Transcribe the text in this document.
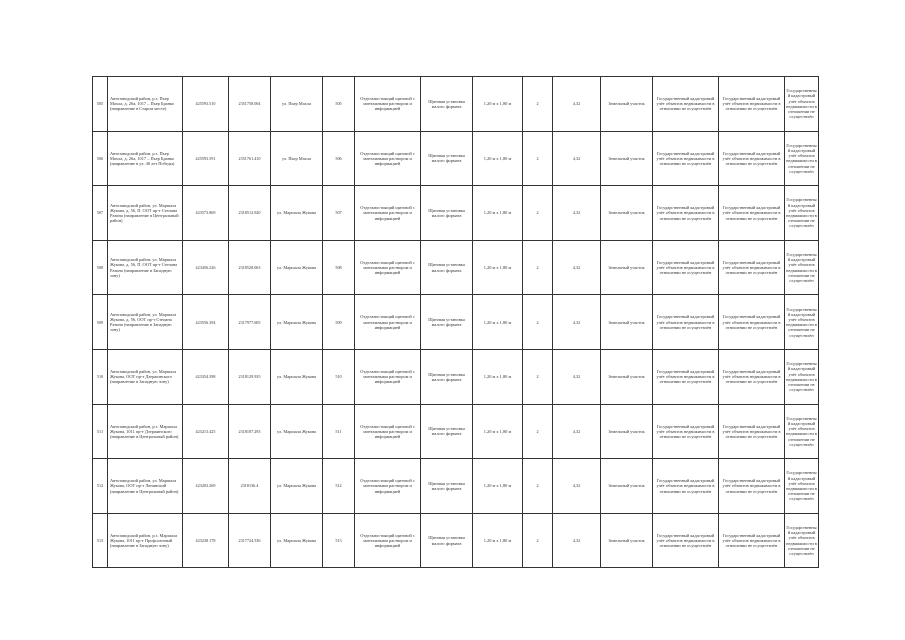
505	Автозаводский район, р.з. Пьер Махла, д. 26а, 1017 – Пьер Бранко (направление в Старом месте)	425593.510	2351758.004	ул. Пьер Махла	505	Отдельностоящий щитовой с монтажными раствором и информацией	Щитовая установка малого формата	1,20 м х 1,80 м	2	4,32	Земельный участок	Государственный кадастровый учёт объектов недвижимости в отношении не осуществлён	Государственный кадастровый учёт объектов недвижимости в отношении не осуществлён	Государственный кадастровый учёт объектов недвижимости в отношении не осуществлён
506	Автозаводский район, р.з. Пьер Махла, д. 26а, 1017 – Пьер Бранко (направление в ул. 40 лет Победы)	425593.591	2351761.410	ул. Пьер Махла	506	Отдельностоящий щитовой с монтажными раствором и информацией	Щитовая установка малого формата	1,20 м х 1,80 м	2	4,32	Земельный участок	Государственный кадастровый учёт объектов недвижимости в отношении не осуществлён	Государственный кадастровый учёт объектов недвижимости в отношении не осуществлён	Государственный кадастровый учёт объектов недвижимости в отношении не осуществлён
507	Автозаводский район, ул. Маршала Жукова, д. 56, П. ООТ пр-т Степана Разина (направление в Центральный район)	423573.869	2318512.920	ул. Маршала Жукова	507	Отдельностоящий щитовой с монтажными раствором и информацией	Щитовая установка малого формата	1,20 м х 1,80 м	2	4,32	Земельный участок	Государственный кадастровый учёт объектов недвижимости в отношении не осуществлён	Государственный кадастровый учёт объектов недвижимости в отношении не осуществлён	Государственный кадастровый учёт объектов недвижимости в отношении не осуществлён
508	Автозаводский район, ул. Маршала Жукова, д. 56, П. ООТ пр-т Степана Разина (направление в Западную зону)	423456.226	2318528.063	ул. Маршала Жукова	508	Отдельностоящий щитовой с монтажными раствором и информацией	Щитовая установка малого формата	1,20 м х 1,80 м	2	4,32	Земельный участок	Государственный кадастровый учёт объектов недвижимости в отношении не осуществлён	Государственный кадастровый учёт объектов недвижимости в отношении не осуществлён	Государственный кадастровый учёт объектов недвижимости в отношении не осуществлён
509	Автозаводский район, ул. Маршала Жукова, д. 56, ООТ пр-т Степана Разина (направление в Западную зону)	423556.394	2317977.605	ул. Маршала Жукова	509	Отдельностоящий щитовой с монтажными раствором и информацией	Щитовая установка малого формата	1,20 м х 1,80 м	2	4,32	Земельный участок	Государственный кадастровый учёт объектов недвижимости в отношении не осуществлён	Государственный кадастровый учёт объектов недвижимости в отношении не осуществлён	Государственный кадастровый учёт объектов недвижимости в отношении не осуществлён
510	Автозаводский район, ул. Маршала Жукова, ООТ пр-т Дзержинского (направление в Западную зону)	423354.398	2318129.935	ул. Маршала Жукова	510	Отдельностоящий щитовой с монтажными раствором и информацией	Щитовая установка малого формата	1,20 м х 1,80 м	2	4,32	Земельный участок	Государственный кадастровый учёт объектов недвижимости в отношении не осуществлён	Государственный кадастровый учёт объектов недвижимости в отношении не осуществлён	Государственный кадастровый учёт объектов недвижимости в отношении не осуществлён
511	Автозаводский район, р.з. Маршала Жукова, 1011 пр-т Дзержинского (направление в Центральный район)	423213.425	2318187.293	ул. Маршала Жукова	511	Отдельностоящий щитовой с монтажными раствором и информацией	Щитовая установка малого формата	1,20 м х 1,80 м	2	4,32	Земельный участок	Государственный кадастровый учёт объектов недвижимости в отношении не осуществлён	Государственный кадастровый учёт объектов недвижимости в отношении не осуществлён	Государственный кадастровый учёт объектов недвижимости в отношении не осуществлён
512	Автозаводский район, ул. Маршала Жукова, ООТ пр-т Ленинский (направление в Центральный район)	423203.269	2318136.4	ул. Маршала Жукова	512	Отдельностоящий щитовой с монтажными раствором и информацией	Щитовая установка малого формата	1,20 м х 1,80 м	2	4,32	Земельный участок	Государственный кадастровый учёт объектов недвижимости в отношении не осуществлён	Государственный кадастровый учёт объектов недвижимости в отношении не осуществлён	Государственный кадастровый учёт объектов недвижимости в отношении не осуществлён
513	Автозаводский район, р.з. Маршала Жукова, 1011 пр-т Профсоюзный (направление в Западную зону)	423238.178	2317724.536	ул. Маршала Жукова	513	Отдельностоящий щитовой с монтажными раствором и информацией	Щитовая установка малого формата	1,20 м х 1,80 м	2	4,32	Земельный участок	Государственный кадастровый учёт объектов недвижимости в отношении не осуществлён	Государственный кадастровый учёт объектов недвижимости в отношении не осуществлён	Государственный кадастровый учёт объектов недвижимости в отношении не осуществлён
